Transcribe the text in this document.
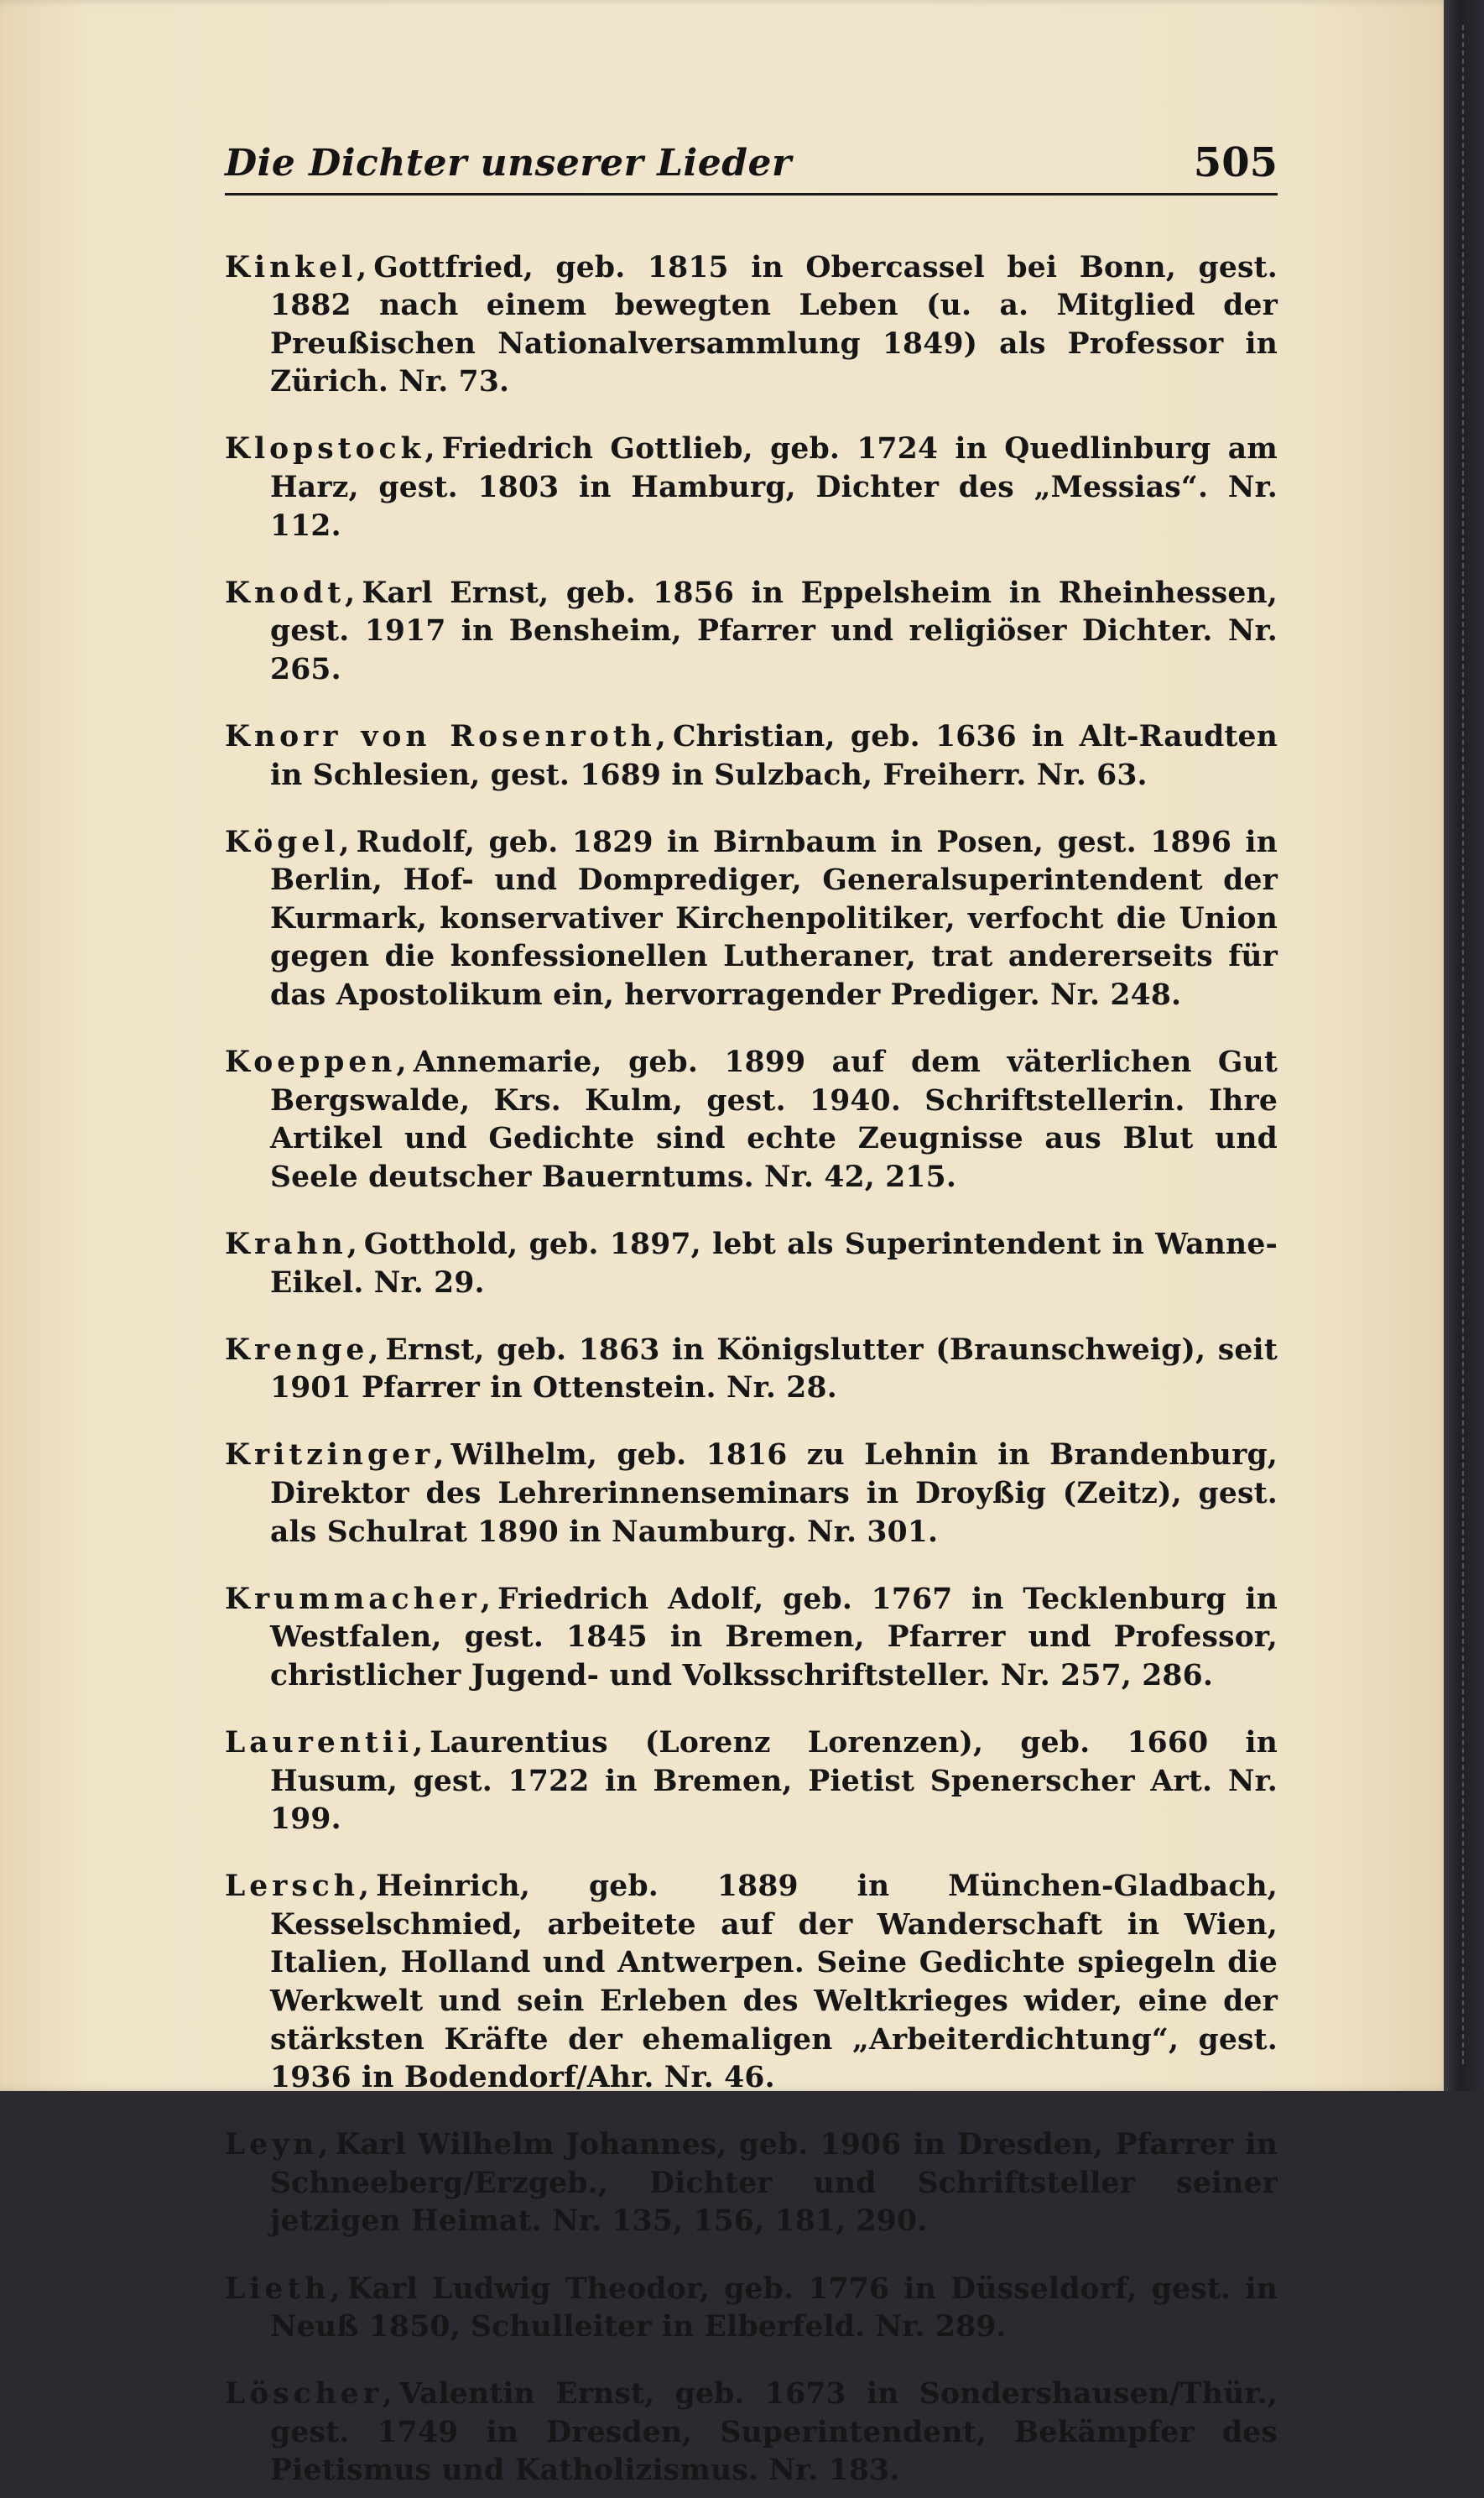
Die Dichter unserer Lieder	505

Kinkel, Gottfried, geb. 1815 in Obercassel bei Bonn, gest. 1882 nach einem bewegten Leben (u. a. Mitglied der Preußischen Nationalversammlung 1849) als Professor in Zürich. Nr. 73.

Klopstock, Friedrich Gottlieb, geb. 1724 in Quedlinburg am Harz, gest. 1803 in Hamburg, Dichter des „Messias“. Nr. 112.

Knodt, Karl Ernst, geb. 1856 in Eppelsheim in Rheinhessen, gest. 1917 in Bensheim, Pfarrer und religiöser Dichter. Nr. 265.

Knorr von Rosenroth, Christian, geb. 1636 in Alt-Raudten in Schlesien, gest. 1689 in Sulzbach, Freiherr. Nr. 63.

Kögel, Rudolf, geb. 1829 in Birnbaum in Posen, gest. 1896 in Berlin, Hof- und Domprediger, Generalsuperintendent der Kurmark, konservativer Kirchenpolitiker, verfocht die Union gegen die konfessionellen Lutheraner, trat andererseits für das Apostolikum ein, hervorragender Prediger. Nr. 248.

Koeppen, Annemarie, geb. 1899 auf dem väterlichen Gut Bergswalde, Krs. Kulm, gest. 1940. Schriftstellerin. Ihre Artikel und Gedichte sind echte Zeugnisse aus Blut und Seele deutscher Bauerntums. Nr. 42, 215.

Krahn, Gotthold, geb. 1897, lebt als Superintendent in Wanne-Eikel. Nr. 29.

Krenge, Ernst, geb. 1863 in Königslutter (Braunschweig), seit 1901 Pfarrer in Ottenstein. Nr. 28.

Kritzinger, Wilhelm, geb. 1816 zu Lehnin in Brandenburg, Direktor des Lehrerinnenseminars in Droyßig (Zeitz), gest. als Schulrat 1890 in Naumburg. Nr. 301.

Krummacher, Friedrich Adolf, geb. 1767 in Tecklenburg in Westfalen, gest. 1845 in Bremen, Pfarrer und Professor, christlicher Jugend- und Volksschriftsteller. Nr. 257, 286.

Laurentii, Laurentius (Lorenz Lorenzen), geb. 1660 in Husum, gest. 1722 in Bremen, Pietist Spenerscher Art. Nr. 199.

Lersch, Heinrich, geb. 1889 in München-Gladbach, Kesselschmied, arbeitete auf der Wanderschaft in Wien, Italien, Holland und Antwerpen. Seine Gedichte spiegeln die Werkwelt und sein Erleben des Weltkrieges wider, eine der stärksten Kräfte der ehemaligen „Arbeiterdichtung“, gest. 1936 in Bodendorf/Ahr. Nr. 46.

Leyn, Karl Wilhelm Johannes, geb. 1906 in Dresden, Pfarrer in Schneeberg/Erzgeb., Dichter und Schriftsteller seiner jetzigen Heimat. Nr. 135, 156, 181, 290.

Lieth, Karl Ludwig Theodor, geb. 1776 in Düsseldorf, gest. in Neuß 1850, Schulleiter in Elberfeld. Nr. 289.

Löscher, Valentin Ernst, geb. 1673 in Sondershausen/Thür., gest. 1749 in Dresden, Superintendent, Bekämpfer des Pietismus und Katholizismus. Nr. 183.
